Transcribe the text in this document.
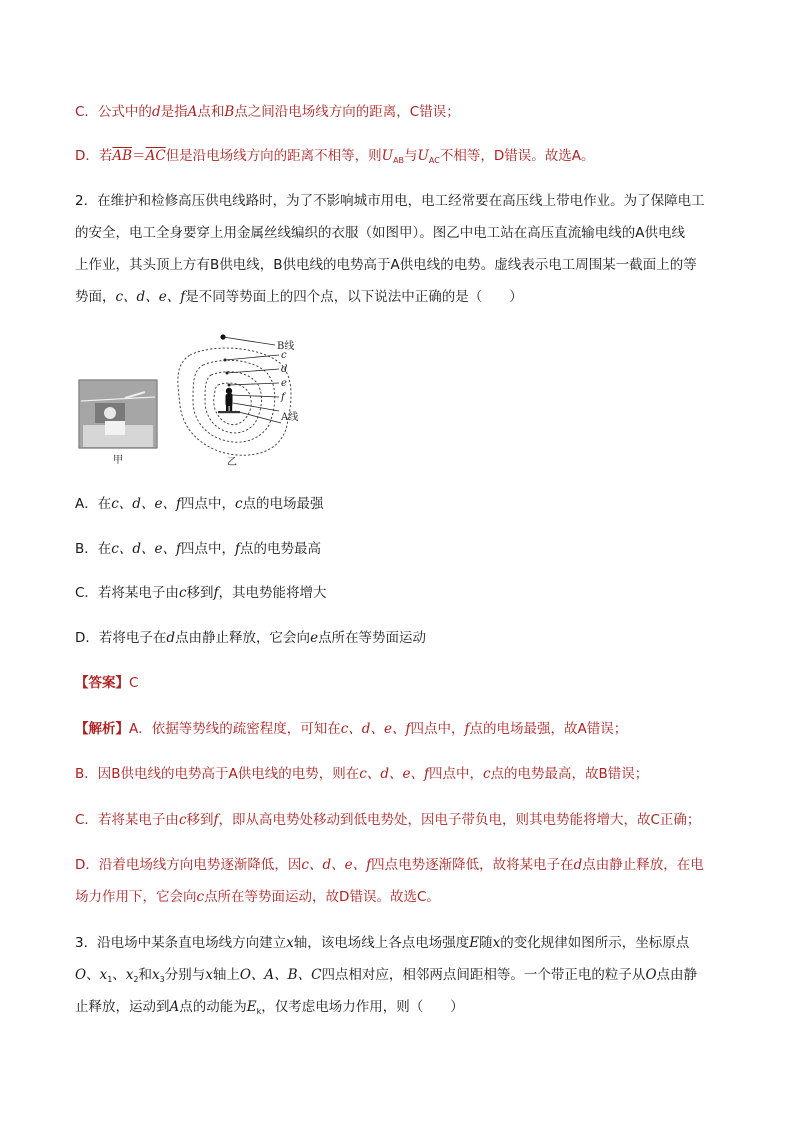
C．公式中的d是指A点和B点之间沿电场线方向的距离，C错误；
D．若$\overline{AB}=\overline{AC}$但是沿电场线方向的距离不相等，则$U_{AB}$与$U_{AC}$不相等，D错误。故选A。
2．在维护和检修高压供电线路时，为了不影响城市用电，电工经常要在高压线上带电作业。为了保障电工
的安全，电工全身要穿上用金属丝线编织的衣服（如图甲）。图乙中电工站在高压直流输电线的A供电线
上作业，其头顶上方有B供电线，B供电线的电势高于A供电线的电势。虚线表示电工周围某一截面上的等
势面，c、d、e、f是不同等势面上的四个点，以下说法中正确的是（　　）
B线
c
d
e
f
A线
甲	乙
A．在c、d、e、f四点中，c点的电场最强
B．在c、d、e、f四点中，f点的电势最高
C．若将某电子由c移到f，其电势能将增大
D．若将电子在d点由静止释放，它会向e点所在等势面运动
【答案】C
【解析】A．依据等势线的疏密程度，可知在c、d、e、f四点中，f点的电场最强，故A错误；
B．因B供电线的电势高于A供电线的电势，则在c、d、e、f四点中，c点的电势最高，故B错误；
C．若将某电子由c移到f，即从高电势处移动到低电势处，因电子带负电，则其电势能将增大，故C正确；
D．沿着电场线方向电势逐渐降低，因c、d、e、f四点电势逐渐降低，故将某电子在d点由静止释放，在电
场力作用下，它会向c点所在等势面运动，故D错误。故选C。
3．沿电场中某条直电场线方向建立x轴，该电场线上各点电场强度E随x的变化规律如图所示，坐标原点
O、$x_1$、$x_2$和$x_3$分别与x轴上O、A、B、C四点相对应，相邻两点间距相等。一个带正电的粒子从O点由静
止释放，运动到A点的动能为$E_k$，仅考虑电场力作用，则（　　）
